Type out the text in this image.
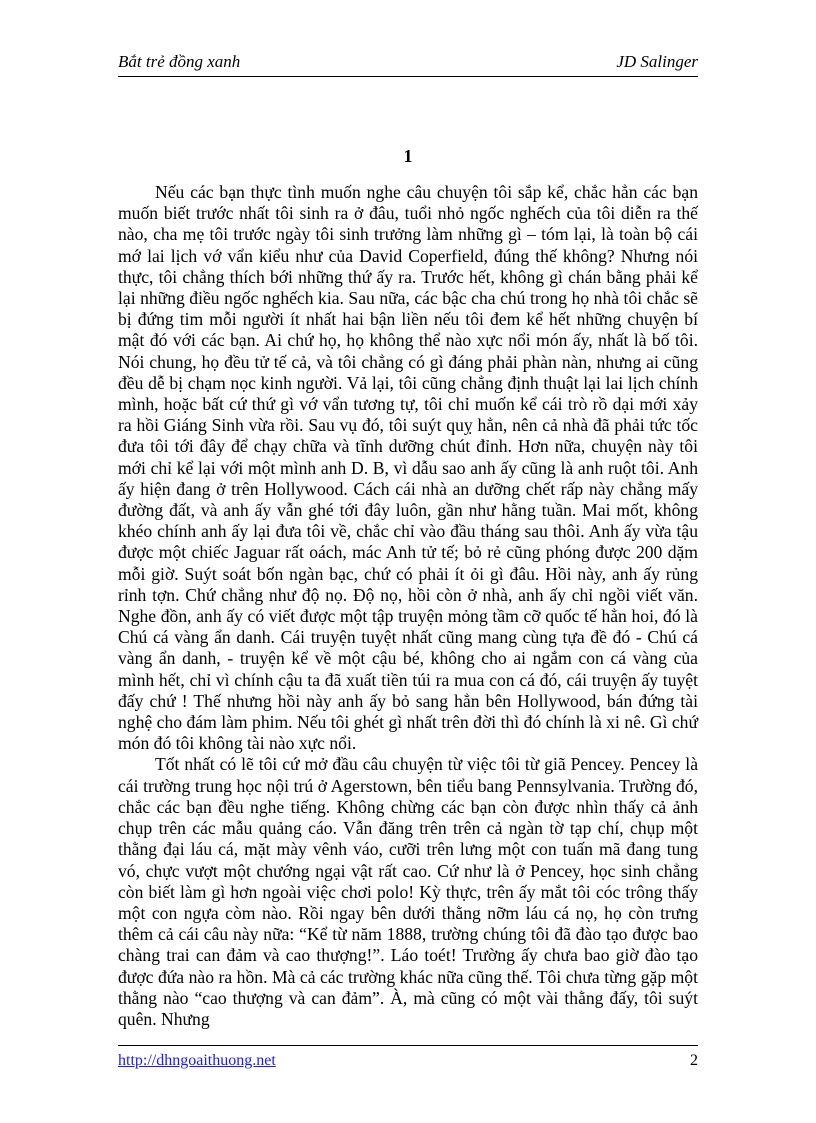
Bắt trẻ đồng xanh	JD Salinger
1

Nếu các bạn thực tình muốn nghe câu chuyện tôi sắp kể, chắc hẳn các bạn muốn biết trước nhất tôi sinh ra ở đâu, tuổi nhỏ ngốc nghếch của tôi diễn ra thế nào, cha mẹ tôi trước ngày tôi sinh trưởng làm những gì – tóm lại, là toàn bộ cái mớ lai lịch vớ vẩn kiểu như của David Coperfield, đúng thế không? Nhưng nói thực, tôi chẳng thích bới những thứ ấy ra. Trước hết, không gì chán bằng phải kể lại những điều ngốc nghếch kia. Sau nữa, các bậc cha chú trong họ nhà tôi chắc sẽ bị đứng tim mỗi người ít nhất hai bận liền nếu tôi đem kể hết những chuyện bí mật đó với các bạn. Ai chứ họ, họ không thể nào xực nổi món ấy, nhất là bố tôi. Nói chung, họ đều tử tế cả, và tôi chẳng có gì đáng phải phàn nàn, nhưng ai cũng đều dễ bị chạm nọc kinh người. Vả lại, tôi cũng chẳng định thuật lại lai lịch chính mình, hoặc bất cứ thứ gì vớ vẩn tương tự, tôi chỉ muốn kể cái trò rồ dại mới xảy ra hồi Giáng Sinh vừa rồi. Sau vụ đó, tôi suýt quỵ hẳn, nên cả nhà đã phải tức tốc đưa tôi tới đây để chạy chữa và tĩnh dưỡng chút đỉnh. Hơn nữa, chuyện này tôi mới chỉ kể lại với một mình anh D. B, vì dẫu sao anh ấy cũng là anh ruột tôi. Anh ấy hiện đang ở trên Hollywood. Cách cái nhà an dưỡng chết rấp này chẳng mấy đường đất, và anh ấy vẫn ghé tới đây luôn, gần như hằng tuần. Mai mốt, không khéo chính anh ấy lại đưa tôi về, chắc chỉ vào đầu tháng sau thôi. Anh ấy vừa tậu được một chiếc Jaguar rất oách, mác Anh tử tế; bỏ rẻ cũng phóng được 200 dặm mỗi giờ. Suýt soát bốn ngàn bạc, chứ có phải ít ỏi gì đâu. Hồi này, anh ấy rủng rỉnh tợn. Chứ chẳng như độ nọ. Độ nọ, hồi còn ở nhà, anh ấy chỉ ngồi viết văn. Nghe đồn, anh ấy có viết được một tập truyện mỏng tầm cỡ quốc tế hẳn hoi, đó là Chú cá vàng ẩn danh. Cái truyện tuyệt nhất cũng mang cùng tựa đề đó - Chú cá vàng ẩn danh, - truyện kể về một cậu bé, không cho ai ngắm con cá vàng của mình hết, chỉ vì chính cậu ta đã xuất tiền túi ra mua con cá đó, cái truyện ấy tuyệt đấy chứ ! Thế nhưng hồi này anh ấy bỏ sang hẳn bên Hollywood, bán đứng tài nghệ cho đám làm phim. Nếu tôi ghét gì nhất trên đời thì đó chính là xi nê. Gì chứ món đó tôi không tài nào xực nổi.

Tốt nhất có lẽ tôi cứ mở đầu câu chuyện từ việc tôi từ giã Pencey. Pencey là cái trường trung học nội trú ở Agerstown, bên tiểu bang Pennsylvania. Trường đó, chắc các bạn đều nghe tiếng. Không chừng các bạn còn được nhìn thấy cả ảnh chụp trên các mẫu quảng cáo. Vẫn đăng trên trên cả ngàn tờ tạp chí, chụp một thằng đại láu cá, mặt mày vênh váo, cưỡi trên lưng một con tuấn mã đang tung vó, chực vượt một chướng ngại vật rất cao. Cứ như là ở Pencey, học sinh chẳng còn biết làm gì hơn ngoài việc chơi polo! Kỳ thực, trên ấy mắt tôi cóc trông thấy một con ngựa còm nào. Rồi ngay bên dưới thằng nỡm láu cá nọ, họ còn trưng thêm cả cái câu này nữa: “Kể từ năm 1888, trường chúng tôi đã đào tạo được bao chàng trai can đảm và cao thượng!”. Láo toét! Trường ấy chưa bao giờ đào tạo được đứa nào ra hồn. Mà cả các trường khác nữa cũng thế. Tôi chưa từng gặp một thằng nào “cao thượng và can đảm”. À, mà cũng có một vài thằng đấy, tôi suýt quên. Nhưng

http://dhngoaithuong.net	2
